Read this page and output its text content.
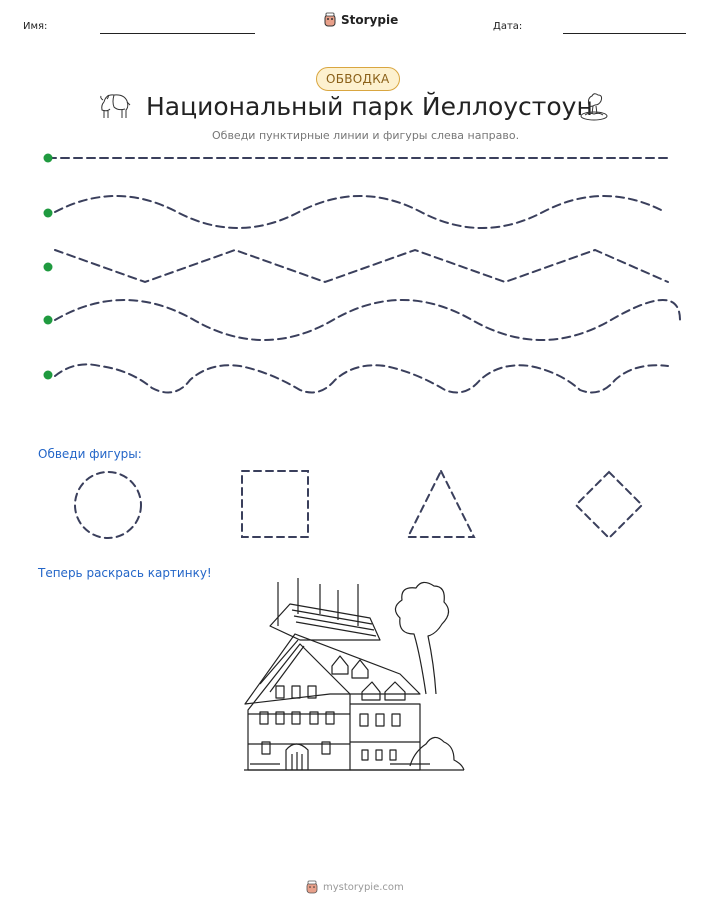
Имя:	Storypie	Дата:
ОБВОДКА
Национальный парк Йеллоустоун
Обведи пунктирные линии и фигуры слева направо.
Обведи фигуры:
Теперь раскрась картинку!
mystorypie.com
